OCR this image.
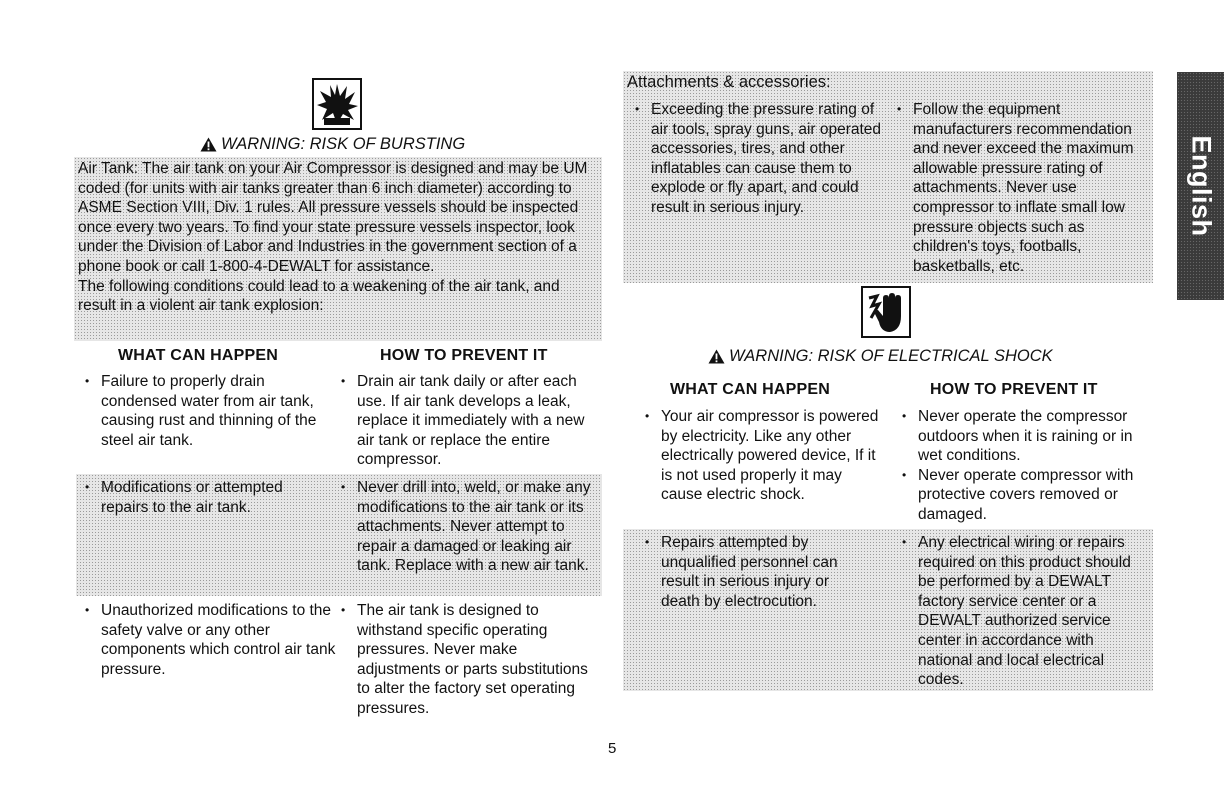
WARNING: RISK OF BURSTING

Air Tank: The air tank on your Air Compressor is designed and may be UM coded (for units with air tanks greater than 6 inch diameter) according to ASME Section VIII, Div. 1 rules. All pressure vessels should be inspected once every two years. To find your state pressure vessels inspector, look under the Division of Labor and Industries in the government section of a phone book or call 1-800-4-DEWALT for assistance.

The following conditions could lead to a weakening of the air tank, and result in a violent air tank explosion:

WHAT CAN HAPPEN	HOW TO PREVENT IT
• Failure to properly drain condensed water from air tank, causing rust and thinning of the steel air tank.
• Drain air tank daily or after each use. If air tank develops a leak, replace it immediately with a new air tank or replace the entire compressor.
• Modifications or attempted repairs to the air tank.
• Never drill into, weld, or make any modifications to the air tank or its attachments. Never attempt to repair a damaged or leaking air tank. Replace with a new air tank.
• Unauthorized modifications to the safety valve or any other components which control air tank pressure.
• The air tank is designed to withstand specific operating pressures. Never make adjustments or parts substitutions to alter the factory set operating pressures.
Attachments & accessories:
• Exceeding the pressure rating of air tools, spray guns, air operated accessories, tires, and other inflatables can cause them to explode or fly apart, and could result in serious injury.
• Follow the equipment manufacturers recommendation and never exceed the maximum allowable pressure rating of attachments. Never use compressor to inflate small low pressure objects such as children's toys, footballs, basketballs, etc.
WARNING: RISK OF ELECTRICAL SHOCK
WHAT CAN HAPPEN	HOW TO PREVENT IT
• Your air compressor is powered by electricity. Like any other electrically powered device, If it is not used properly it may cause electric shock.
• Never operate the compressor outdoors when it is raining or in wet conditions.
• Never operate compressor with protective covers removed or damaged.
• Repairs attempted by unqualified personnel can result in serious injury or death by electrocution.
• Any electrical wiring or repairs required on this product should be performed by a DEWALT factory service center or a DEWALT authorized service center in accordance with national and local electrical codes.
English
5
